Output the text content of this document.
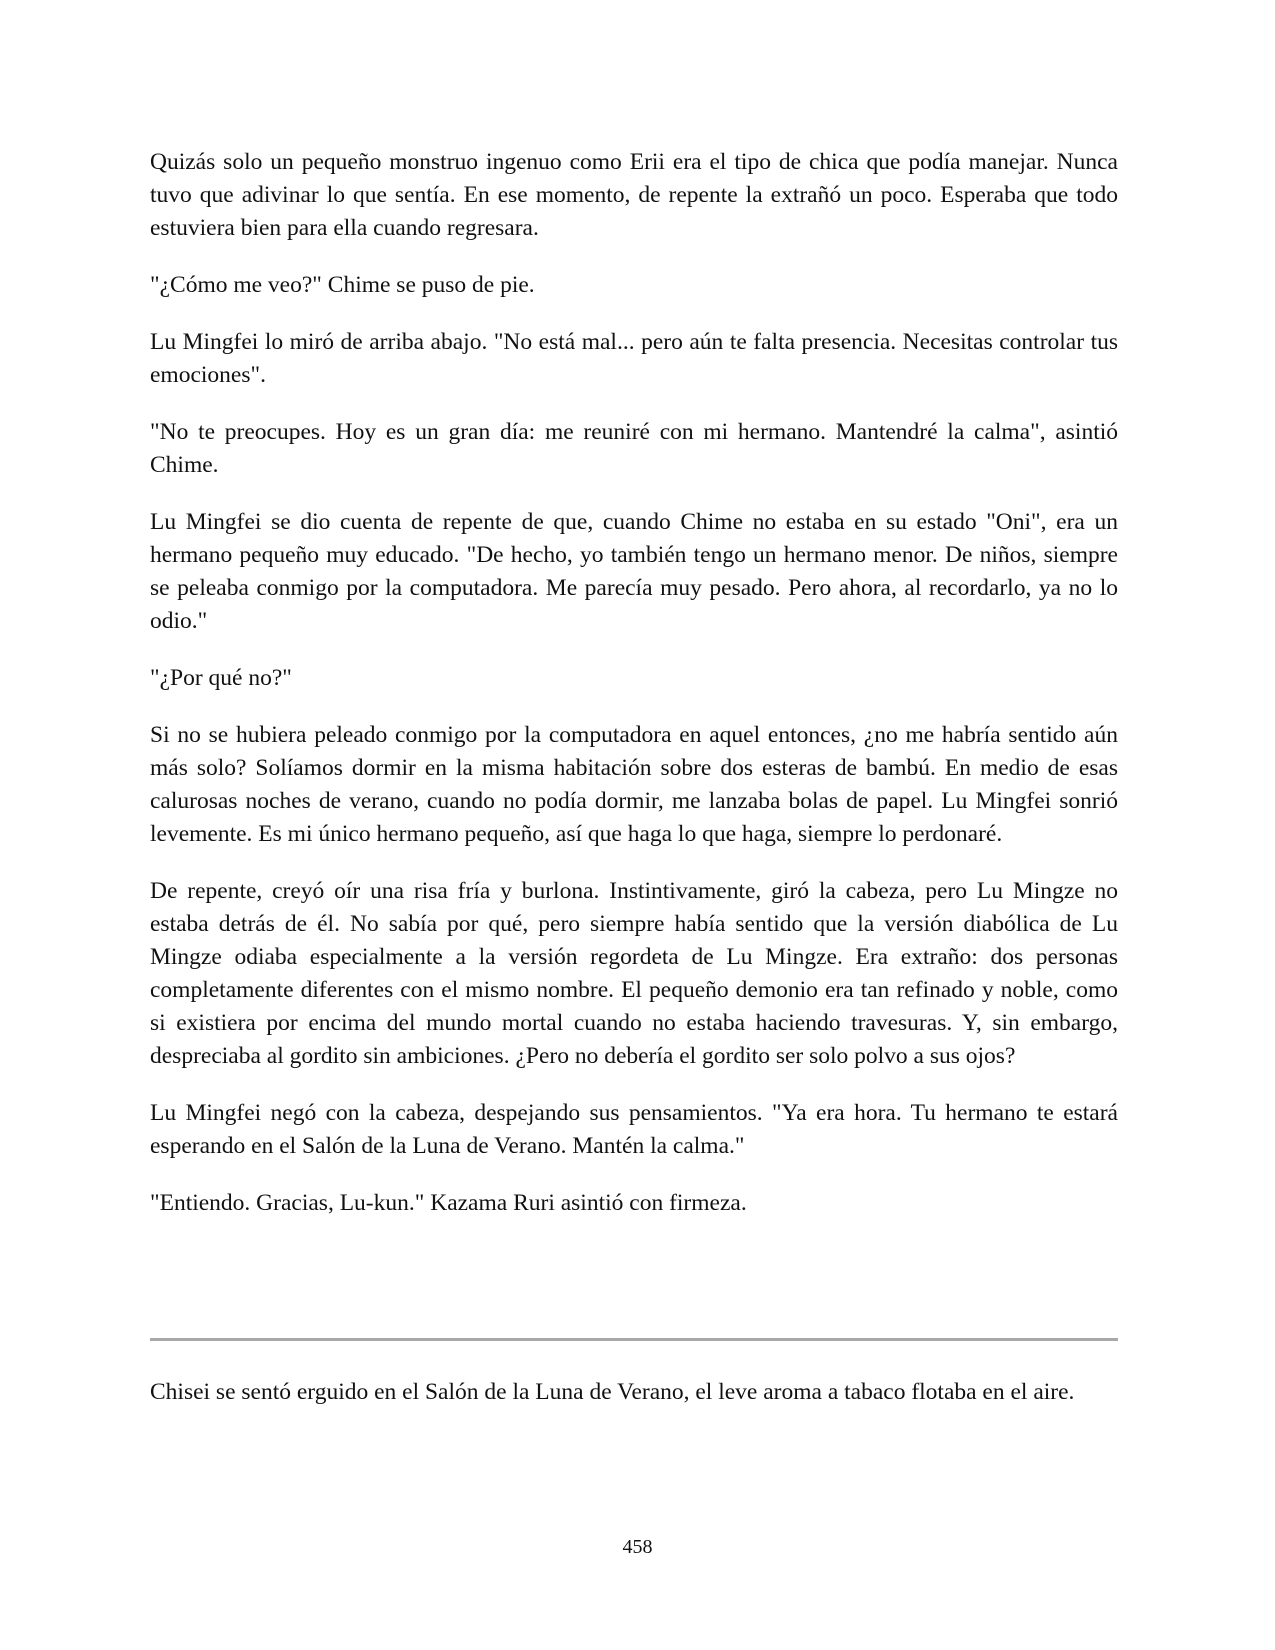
Quizás solo un pequeño monstruo ingenuo como Erii era el tipo de chica que podía manejar. Nunca tuvo que adivinar lo que sentía. En ese momento, de repente la extrañó un poco. Esperaba que todo estuviera bien para ella cuando regresara.

"¿Cómo me veo?" Chime se puso de pie.

Lu Mingfei lo miró de arriba abajo. "No está mal... pero aún te falta presencia. Necesitas controlar tus emociones".

"No te preocupes. Hoy es un gran día: me reuniré con mi hermano. Mantendré la calma", asintió Chime.

Lu Mingfei se dio cuenta de repente de que, cuando Chime no estaba en su estado "Oni", era un hermano pequeño muy educado. "De hecho, yo también tengo un hermano menor. De niños, siempre se peleaba conmigo por la computadora. Me parecía muy pesado. Pero ahora, al recordarlo, ya no lo odio."

"¿Por qué no?"

Si no se hubiera peleado conmigo por la computadora en aquel entonces, ¿no me habría sentido aún más solo? Solíamos dormir en la misma habitación sobre dos esteras de bambú. En medio de esas calurosas noches de verano, cuando no podía dormir, me lanzaba bolas de papel. Lu Mingfei sonrió levemente. Es mi único hermano pequeño, así que haga lo que haga, siempre lo perdonaré.

De repente, creyó oír una risa fría y burlona. Instintivamente, giró la cabeza, pero Lu Mingze no estaba detrás de él. No sabía por qué, pero siempre había sentido que la versión diabólica de Lu Mingze odiaba especialmente a la versión regordeta de Lu Mingze. Era extraño: dos personas completamente diferentes con el mismo nombre. El pequeño demonio era tan refinado y noble, como si existiera por encima del mundo mortal cuando no estaba haciendo travesuras. Y, sin embargo, despreciaba al gordito sin ambiciones. ¿Pero no debería el gordito ser solo polvo a sus ojos?

Lu Mingfei negó con la cabeza, despejando sus pensamientos. "Ya era hora. Tu hermano te estará esperando en el Salón de la Luna de Verano. Mantén la calma."

"Entiendo. Gracias, Lu-kun." Kazama Ruri asintió con firmeza.

Chisei se sentó erguido en el Salón de la Luna de Verano, el leve aroma a tabaco flotaba en el aire.

458
